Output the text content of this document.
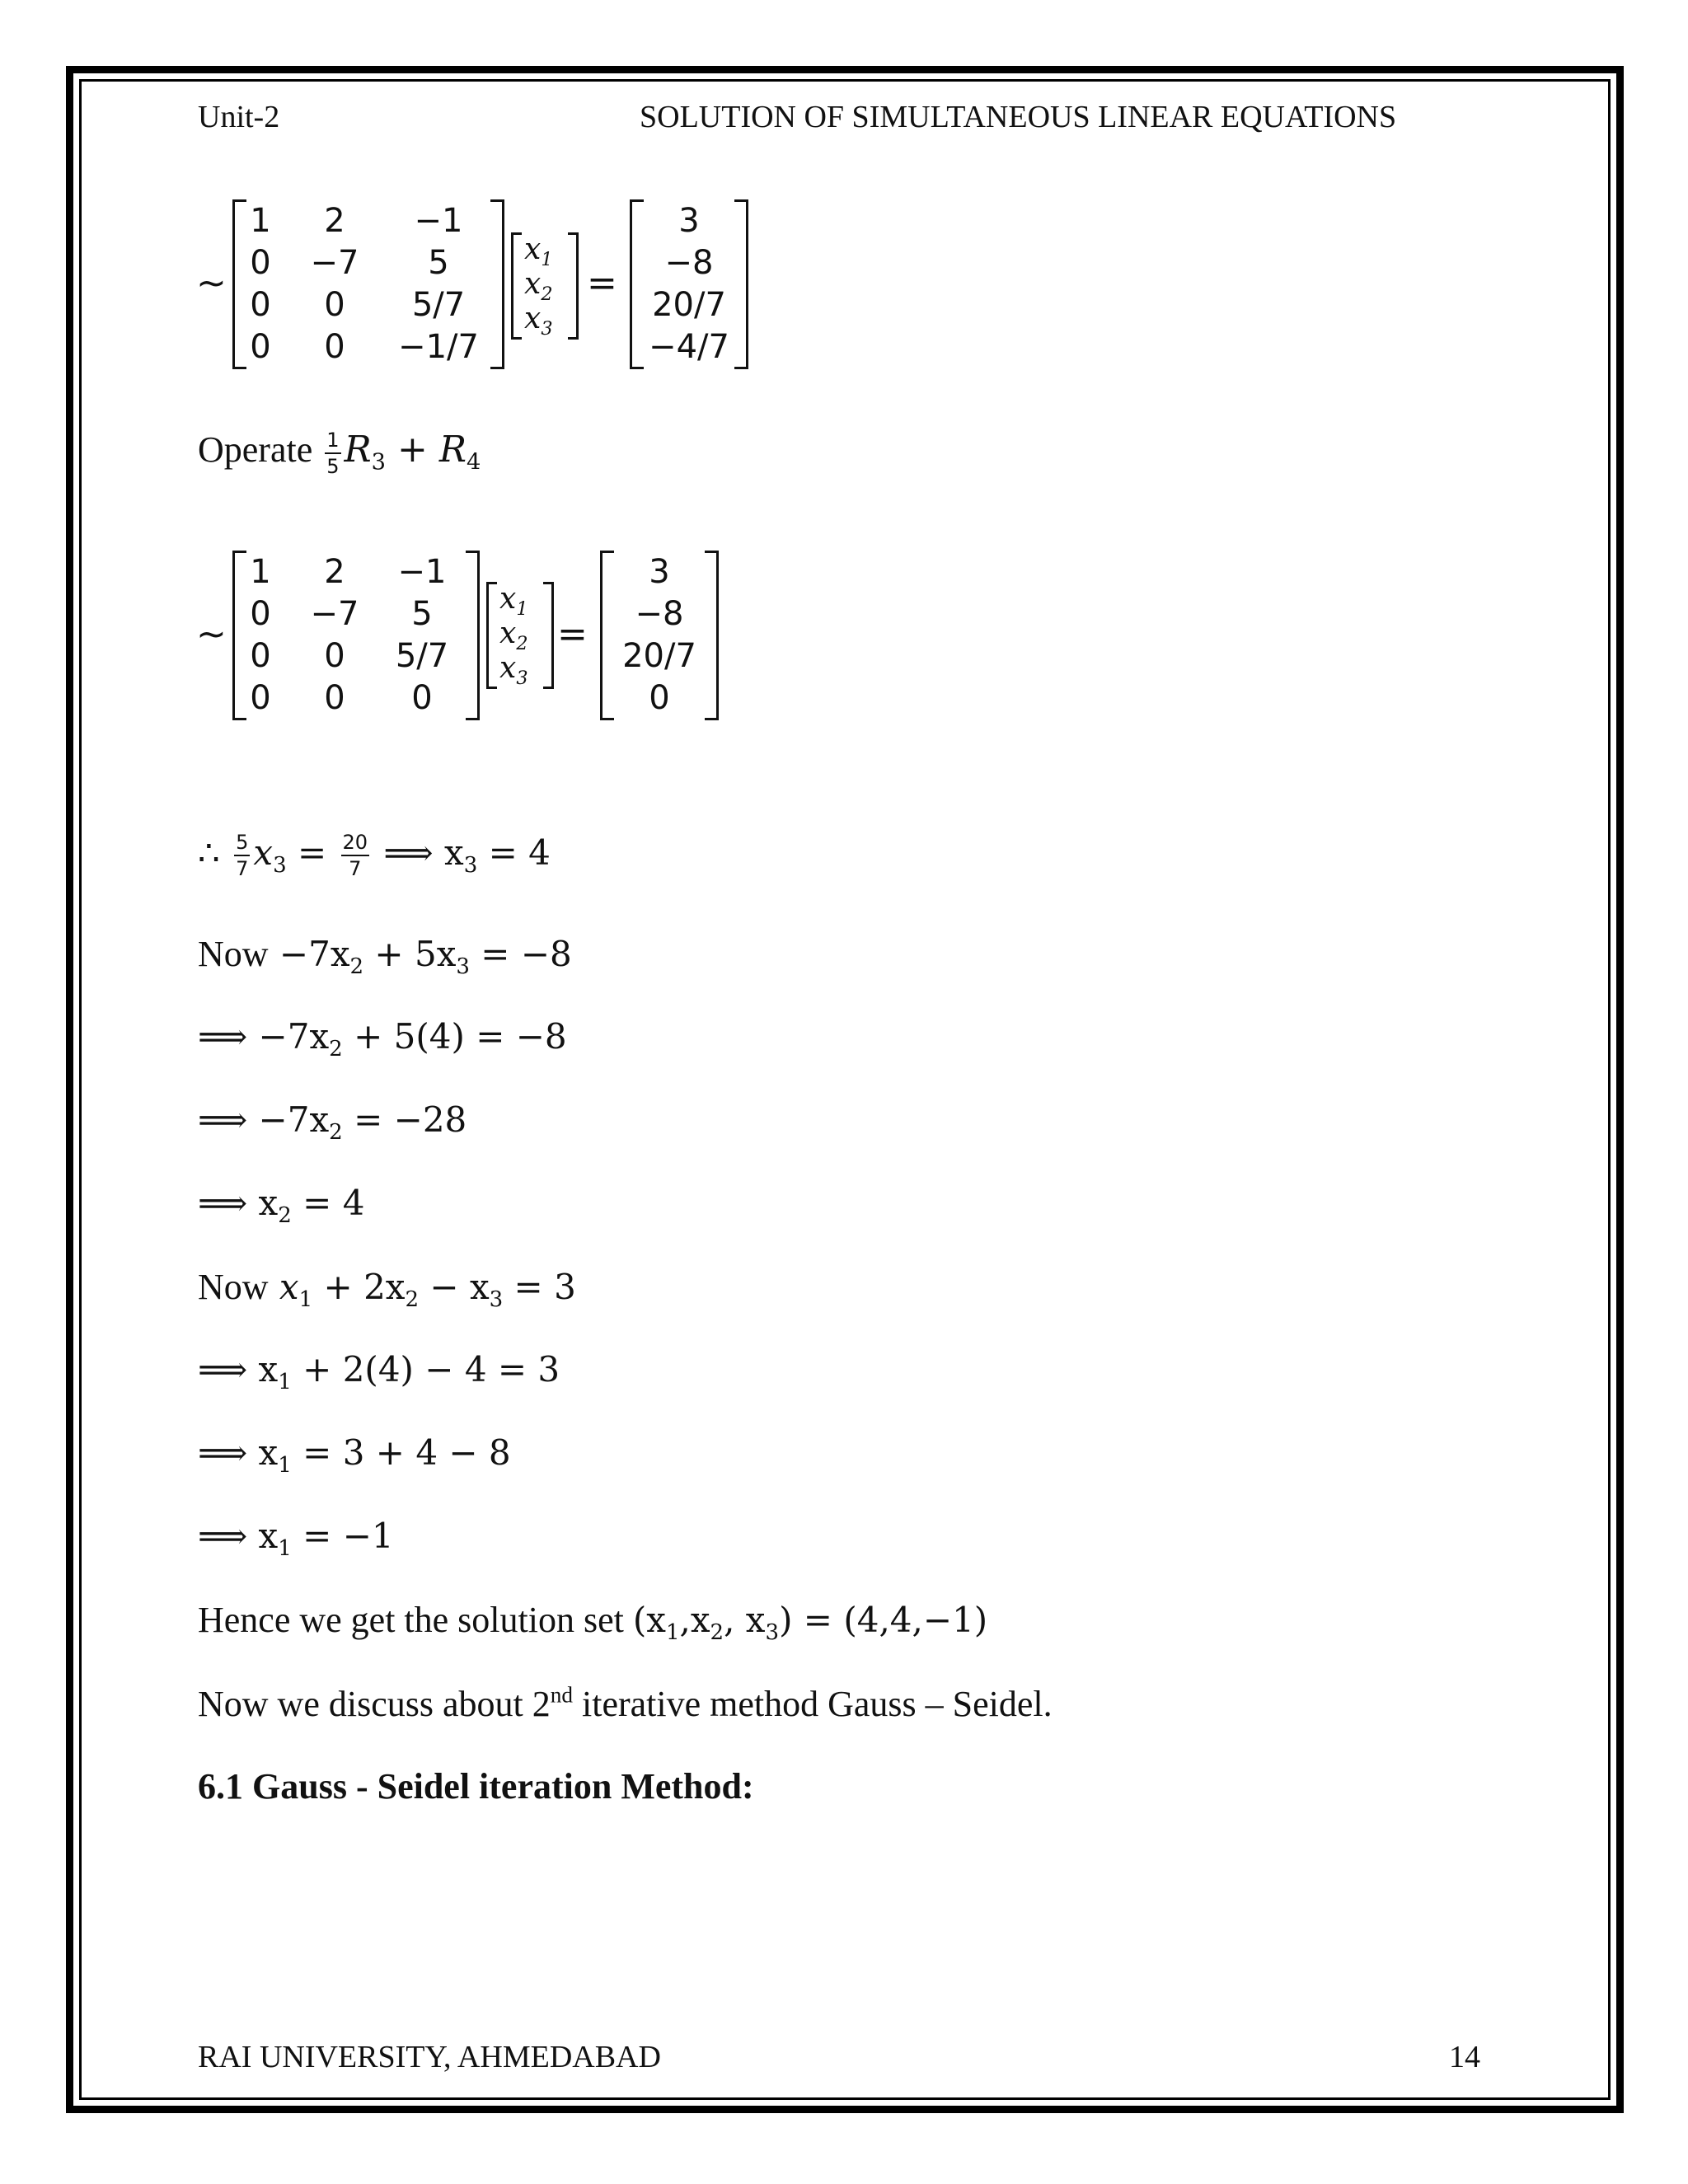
Unit-2	SOLUTION OF SIMULTANEOUS LINEAR EQUATIONS
~
1	2	−1
0 −7	5
0	0	5/7
0	0	−1/7
$x_1$
$x_2$
$x_3$
=
3
−8
20/7
−4/7
Operate $\frac{1}{5} R_3 + R_4$
~
1	2	−1
0 −7	5
0	0	5/7
0	0	0
$x_1$
$x_2$
$x_3$
=
3
−8
20/7
0
∴ $\frac{5}{7} x_3 = \frac{20}{7}$ ⟹ $x_3 = 4$
Now $-7x_2 + 5x_3 = -8$
⟹ $-7x_2 + 5(4) = -8$
⟹ $-7x_2 = -28$
⟹ $x_2 = 4$
Now $x_1 + 2x_2 - x_3 = 3$
⟹ $x_1 + 2(4) - 4 = 3$
⟹ $x_1 = 3 + 4 - 8$
⟹ $x_1 = -1$
Hence we get the solution set ($x_1,x_2$, $x_3) = (4,4,-1)$
Now we discuss about 2nd iterative method Gauss – Seidel.
6.1 Gauss - Seidel iteration Method:
RAI UNIVERSITY, AHMEDABAD	14
